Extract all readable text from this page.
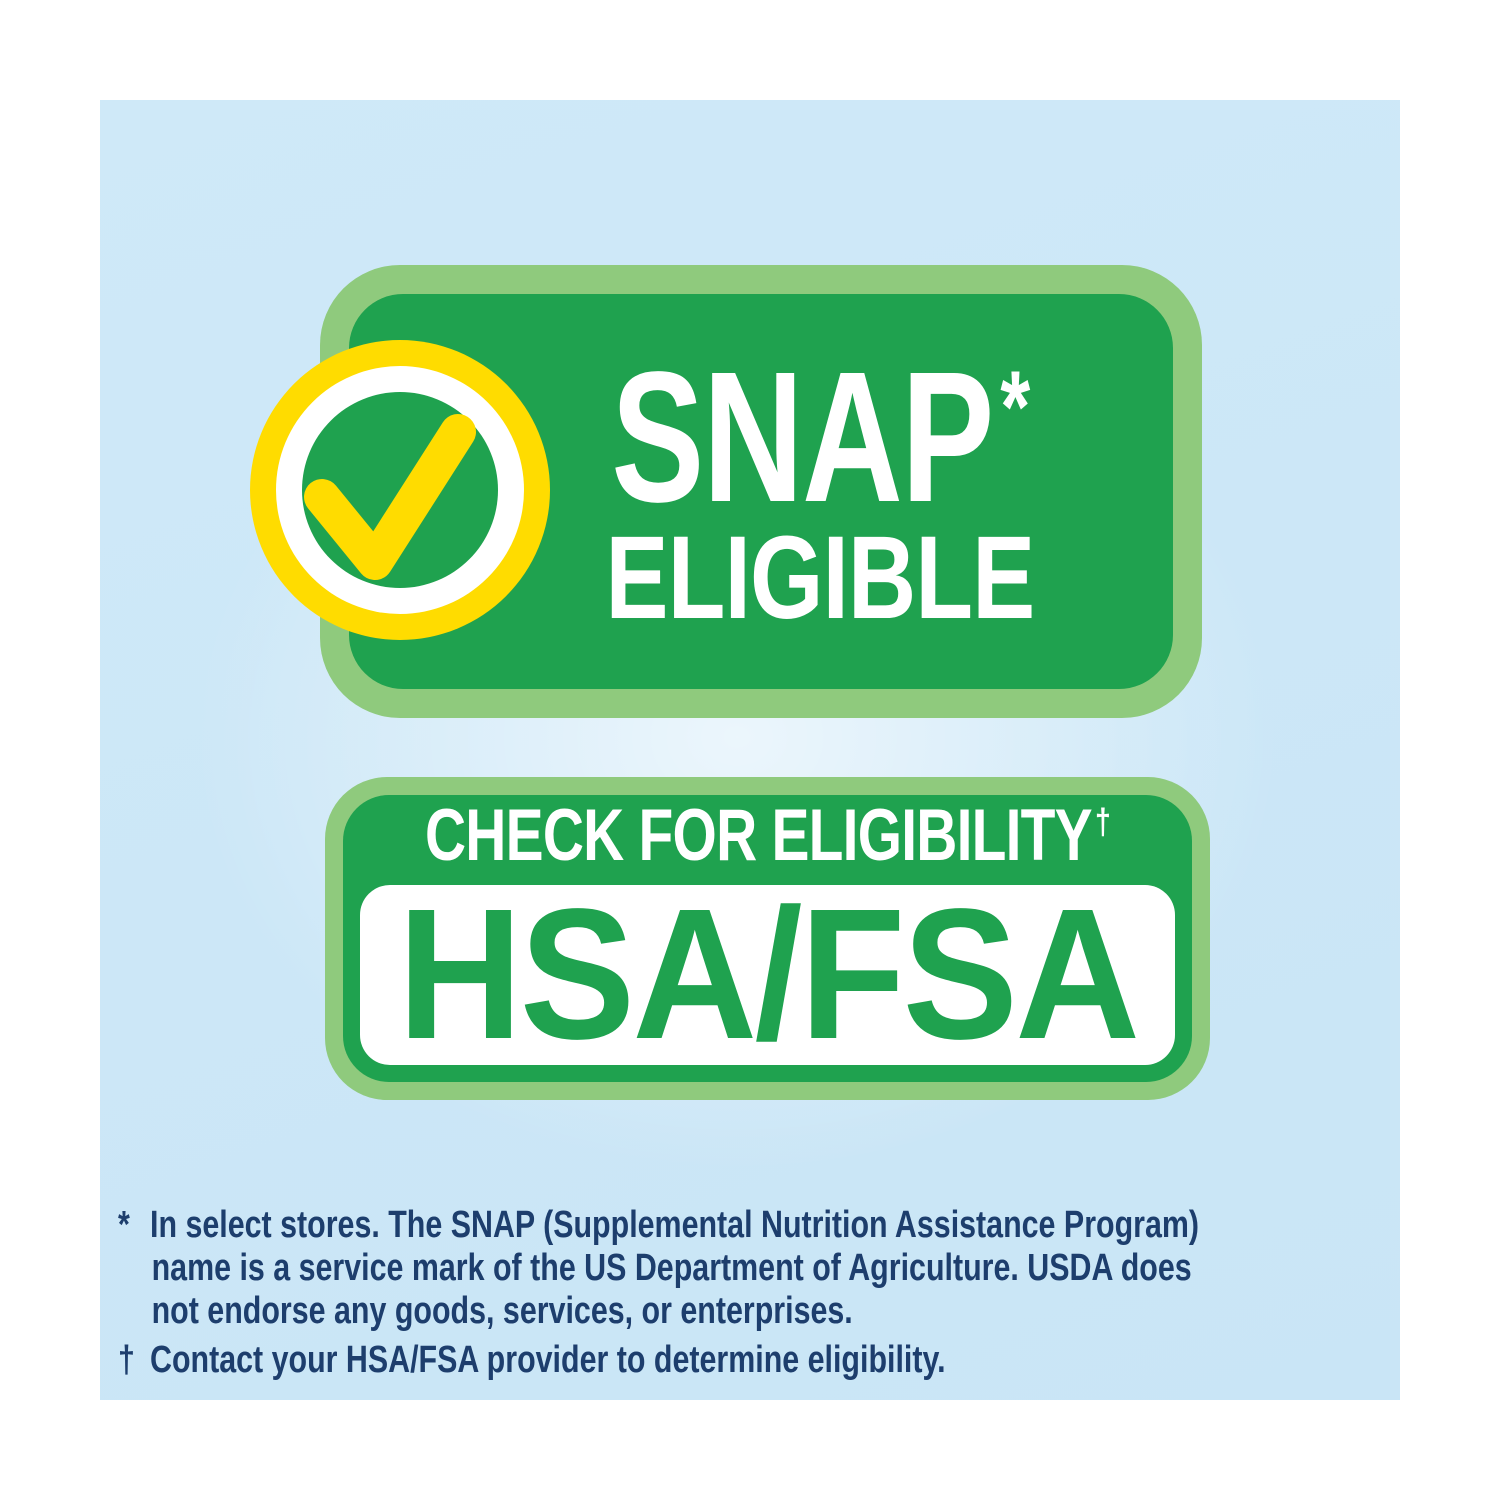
SNAP*
ELIGIBLE
CHECK FOR ELIGIBILITY†
HSA/FSA

* In select stores. The SNAP (Supplemental Nutrition Assistance Program)
name is a service mark of the US Department of Agriculture. USDA does
not endorse any goods, services, or enterprises.

† Contact your HSA/FSA provider to determine eligibility.
